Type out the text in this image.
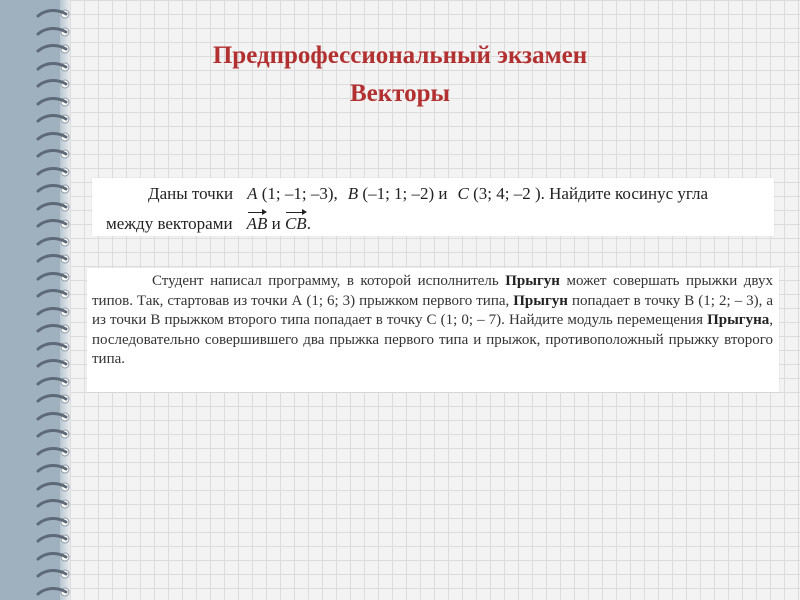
Предпрофессиональный экзамен
Векторы
Даны точки A (1; –1; –3), B (–1; 1; –2) и C (3; 4; –2 ). Найдите косинус угла
между векторами AB и CB.

Студент написал программу, в которой исполнитель Прыгун может совершать прыжки двух типов. Так, стартовав из точки А (1; 6; 3) прыжком первого типа, Прыгун попадает в точку В (1; 2; – 3), а из точки В прыжком второго типа попадает в точку С (1; 0; – 7). Найдите модуль перемещения Прыгуна, последовательно совершившего два прыжка первого типа и прыжок, противоположный прыжку второго типа.
